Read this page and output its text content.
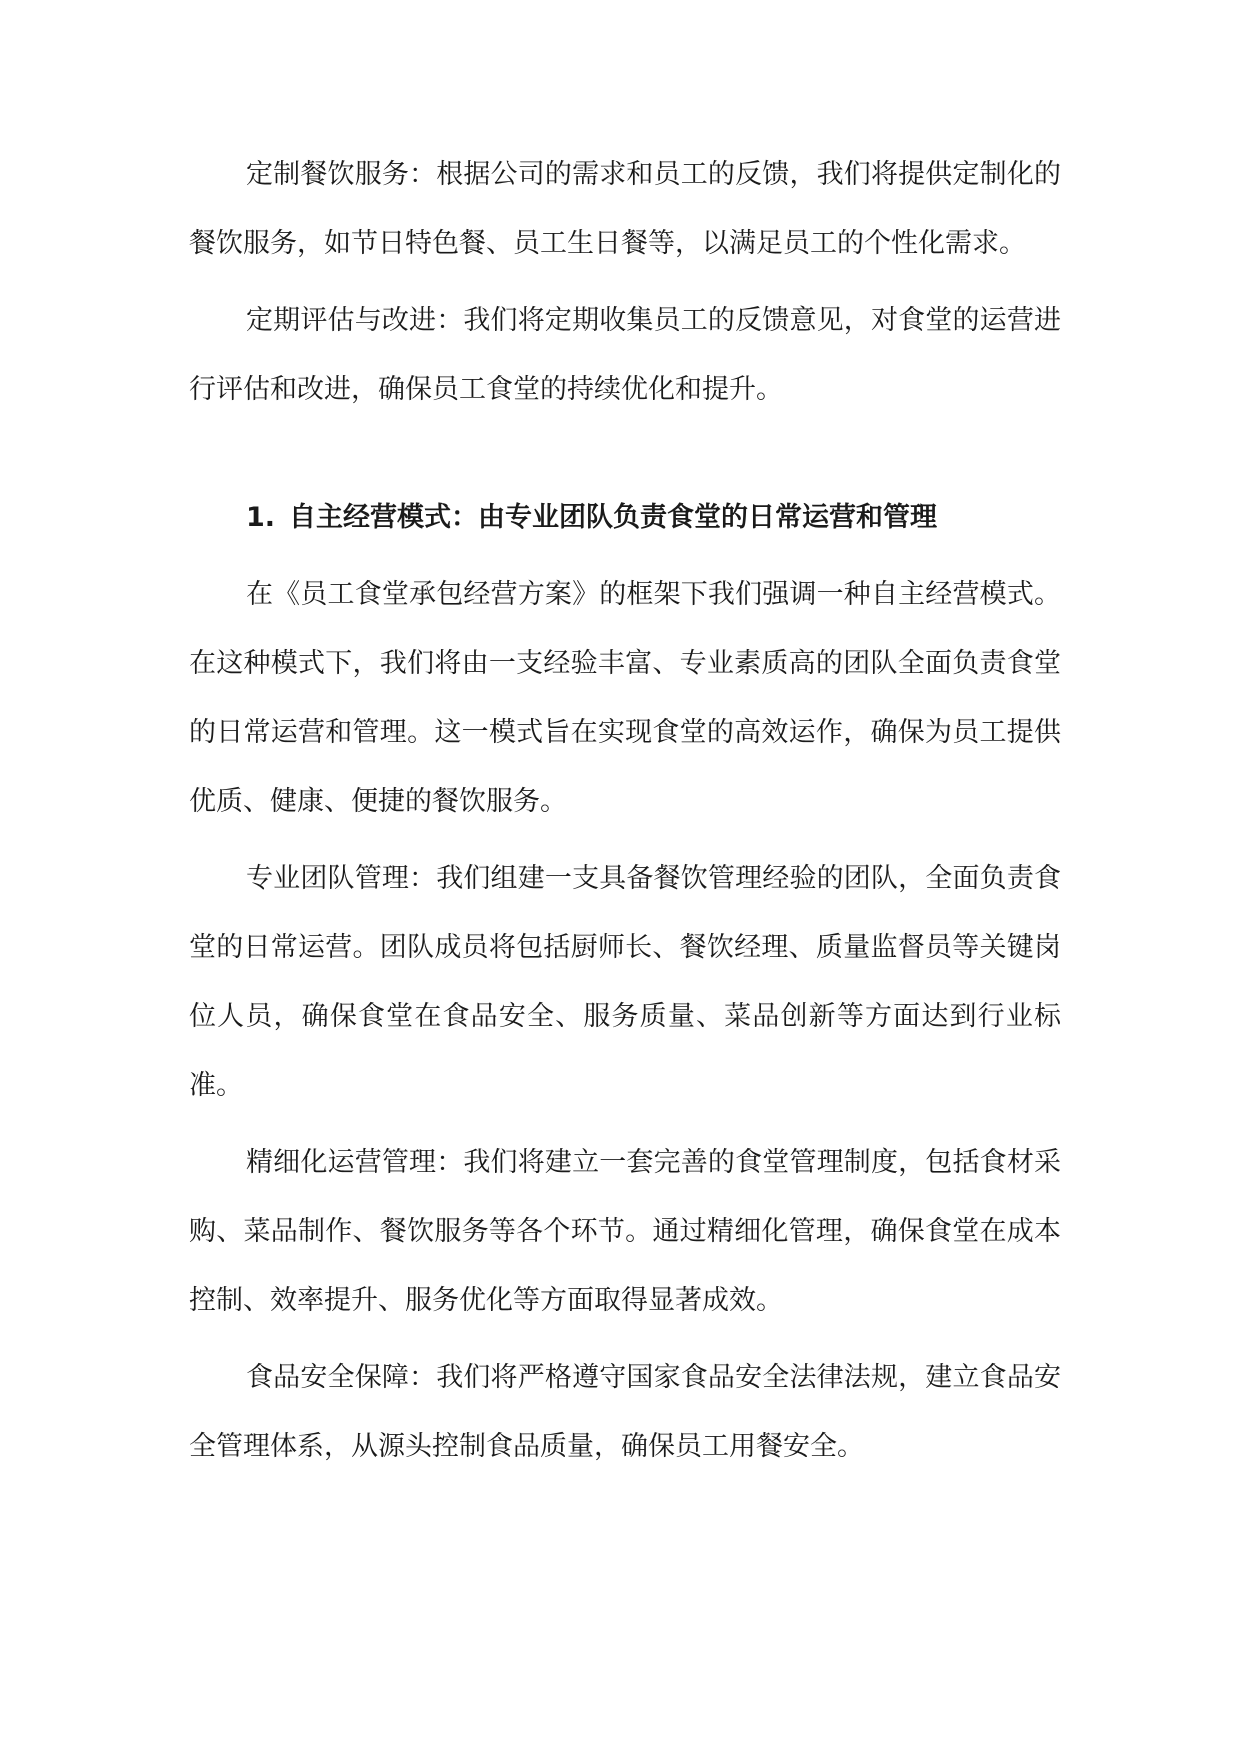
定制餐饮服务：根据公司的需求和员工的反馈，我们将提供定制化的餐饮服务，如节日特色餐、员工生日餐等，以满足员工的个性化需求。

定期评估与改进：我们将定期收集员工的反馈意见，对食堂的运营进行评估和改进，确保员工食堂的持续优化和提升。

1. 自主经营模式：由专业团队负责食堂的日常运营和管理

在《员工食堂承包经营方案》的框架下我们强调一种自主经营模式。在这种模式下，我们将由一支经验丰富、专业素质高的团队全面负责食堂的日常运营和管理。这一模式旨在实现食堂的高效运作，确保为员工提供优质、健康、便捷的餐饮服务。

专业团队管理：我们组建一支具备餐饮管理经验的团队，全面负责食堂的日常运营。团队成员将包括厨师长、餐饮经理、质量监督员等关键岗位人员，确保食堂在食品安全、服务质量、菜品创新等方面达到行业标准。

精细化运营管理：我们将建立一套完善的食堂管理制度，包括食材采购、菜品制作、餐饮服务等各个环节。通过精细化管理，确保食堂在成本控制、效率提升、服务优化等方面取得显著成效。

食品安全保障：我们将严格遵守国家食品安全法律法规，建立食品安全管理体系，从源头控制食品质量，确保员工用餐安全。
